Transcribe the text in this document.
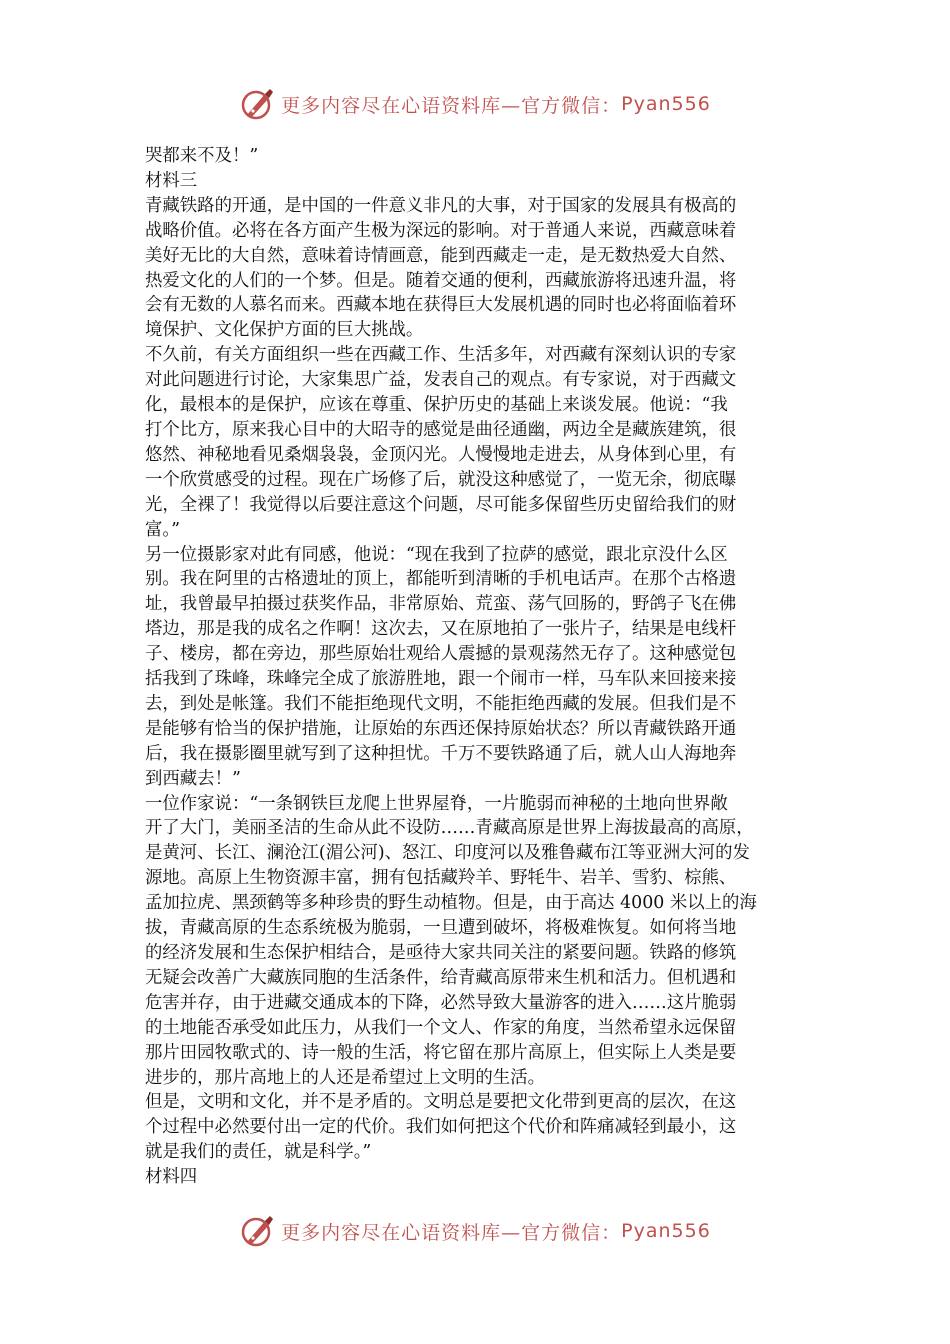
更多内容尽在心语资料库—官方微信： Pyan556

哭都来不及！”

材料三

青藏铁路的开通，是中国的一件意义非凡的大事，对于国家的发展具有极高的

战略价值。必将在各方面产生极为深远的影响。对于普通人来说，西藏意味着

美好无比的大自然，意味着诗情画意，能到西藏走一走，是无数热爱大自然、

热爱文化的人们的一个梦。但是。随着交通的便利，西藏旅游将迅速升温，将

会有无数的人慕名而来。西藏本地在获得巨大发展机遇的同时也必将面临着环

境保护、文化保护方面的巨大挑战。

不久前，有关方面组织一些在西藏工作、生活多年，对西藏有深刻认识的专家

对此问题进行讨论，大家集思广益，发表自己的观点。有专家说，对于西藏文

化，最根本的是保护，应该在尊重、保护历史的基础上来谈发展。他说：“我

打个比方，原来我心目中的大昭寺的感觉是曲径通幽，两边全是藏族建筑，很

悠然、神秘地看见桑烟袅袅，金顶闪光。人慢慢地走进去，从身体到心里，有

一个欣赏感受的过程。现在广场修了后，就没这种感觉了，一览无余，彻底曝

光，全裸了！我觉得以后要注意这个问题，尽可能多保留些历史留给我们的财

富。”

另一位摄影家对此有同感，他说：“现在我到了拉萨的感觉，跟北京没什么区

别。我在阿里的古格遗址的顶上，都能听到清晰的手机电话声。在那个古格遗

址，我曾最早拍摄过获奖作品，非常原始、荒蛮、荡气回肠的，野鸽子飞在佛

塔边，那是我的成名之作啊！这次去，又在原地拍了一张片子，结果是电线杆

子、楼房，都在旁边，那些原始壮观给人震撼的景观荡然无存了。这种感觉包

括我到了珠峰，珠峰完全成了旅游胜地，跟一个闹市一样，马车队来回接来接

去，到处是帐篷。我们不能拒绝现代文明，不能拒绝西藏的发展。但我们是不

是能够有恰当的保护措施，让原始的东西还保持原始状态？所以青藏铁路开通

后，我在摄影圈里就写到了这种担忧。千万不要铁路通了后，就人山人海地奔

到西藏去！”

一位作家说：“一条钢铁巨龙爬上世界屋脊，一片脆弱而神秘的土地向世界敞

开了大门，美丽圣洁的生命从此不设防……青藏高原是世界上海拔最高的高原，

是黄河、长江、澜沧江(湄公河)、怒江、印度河以及雅鲁藏布江等亚洲大河的发

源地。高原上生物资源丰富，拥有包括藏羚羊、野牦牛、岩羊、雪豹、棕熊、

孟加拉虎、黑颈鹤等多种珍贵的野生动植物。但是，由于高达 4000 米以上的海

拔，青藏高原的生态系统极为脆弱，一旦遭到破坏，将极难恢复。如何将当地

的经济发展和生态保护相结合，是亟待大家共同关注的紧要问题。铁路的修筑

无疑会改善广大藏族同胞的生活条件，给青藏高原带来生机和活力。但机遇和

危害并存，由于进藏交通成本的下降，必然导致大量游客的进入……这片脆弱

的土地能否承受如此压力，从我们一个文人、作家的角度，当然希望永远保留

那片田园牧歌式的、诗一般的生活，将它留在那片高原上，但实际上人类是要

进步的，那片高地上的人还是希望过上文明的生活。

但是，文明和文化，并不是矛盾的。文明总是要把文化带到更高的层次，在这

个过程中必然要付出一定的代价。我们如何把这个代价和阵痛减轻到最小，这

就是我们的责任，就是科学。”

材料四

更多内容尽在心语资料库—官方微信： Pyan556
